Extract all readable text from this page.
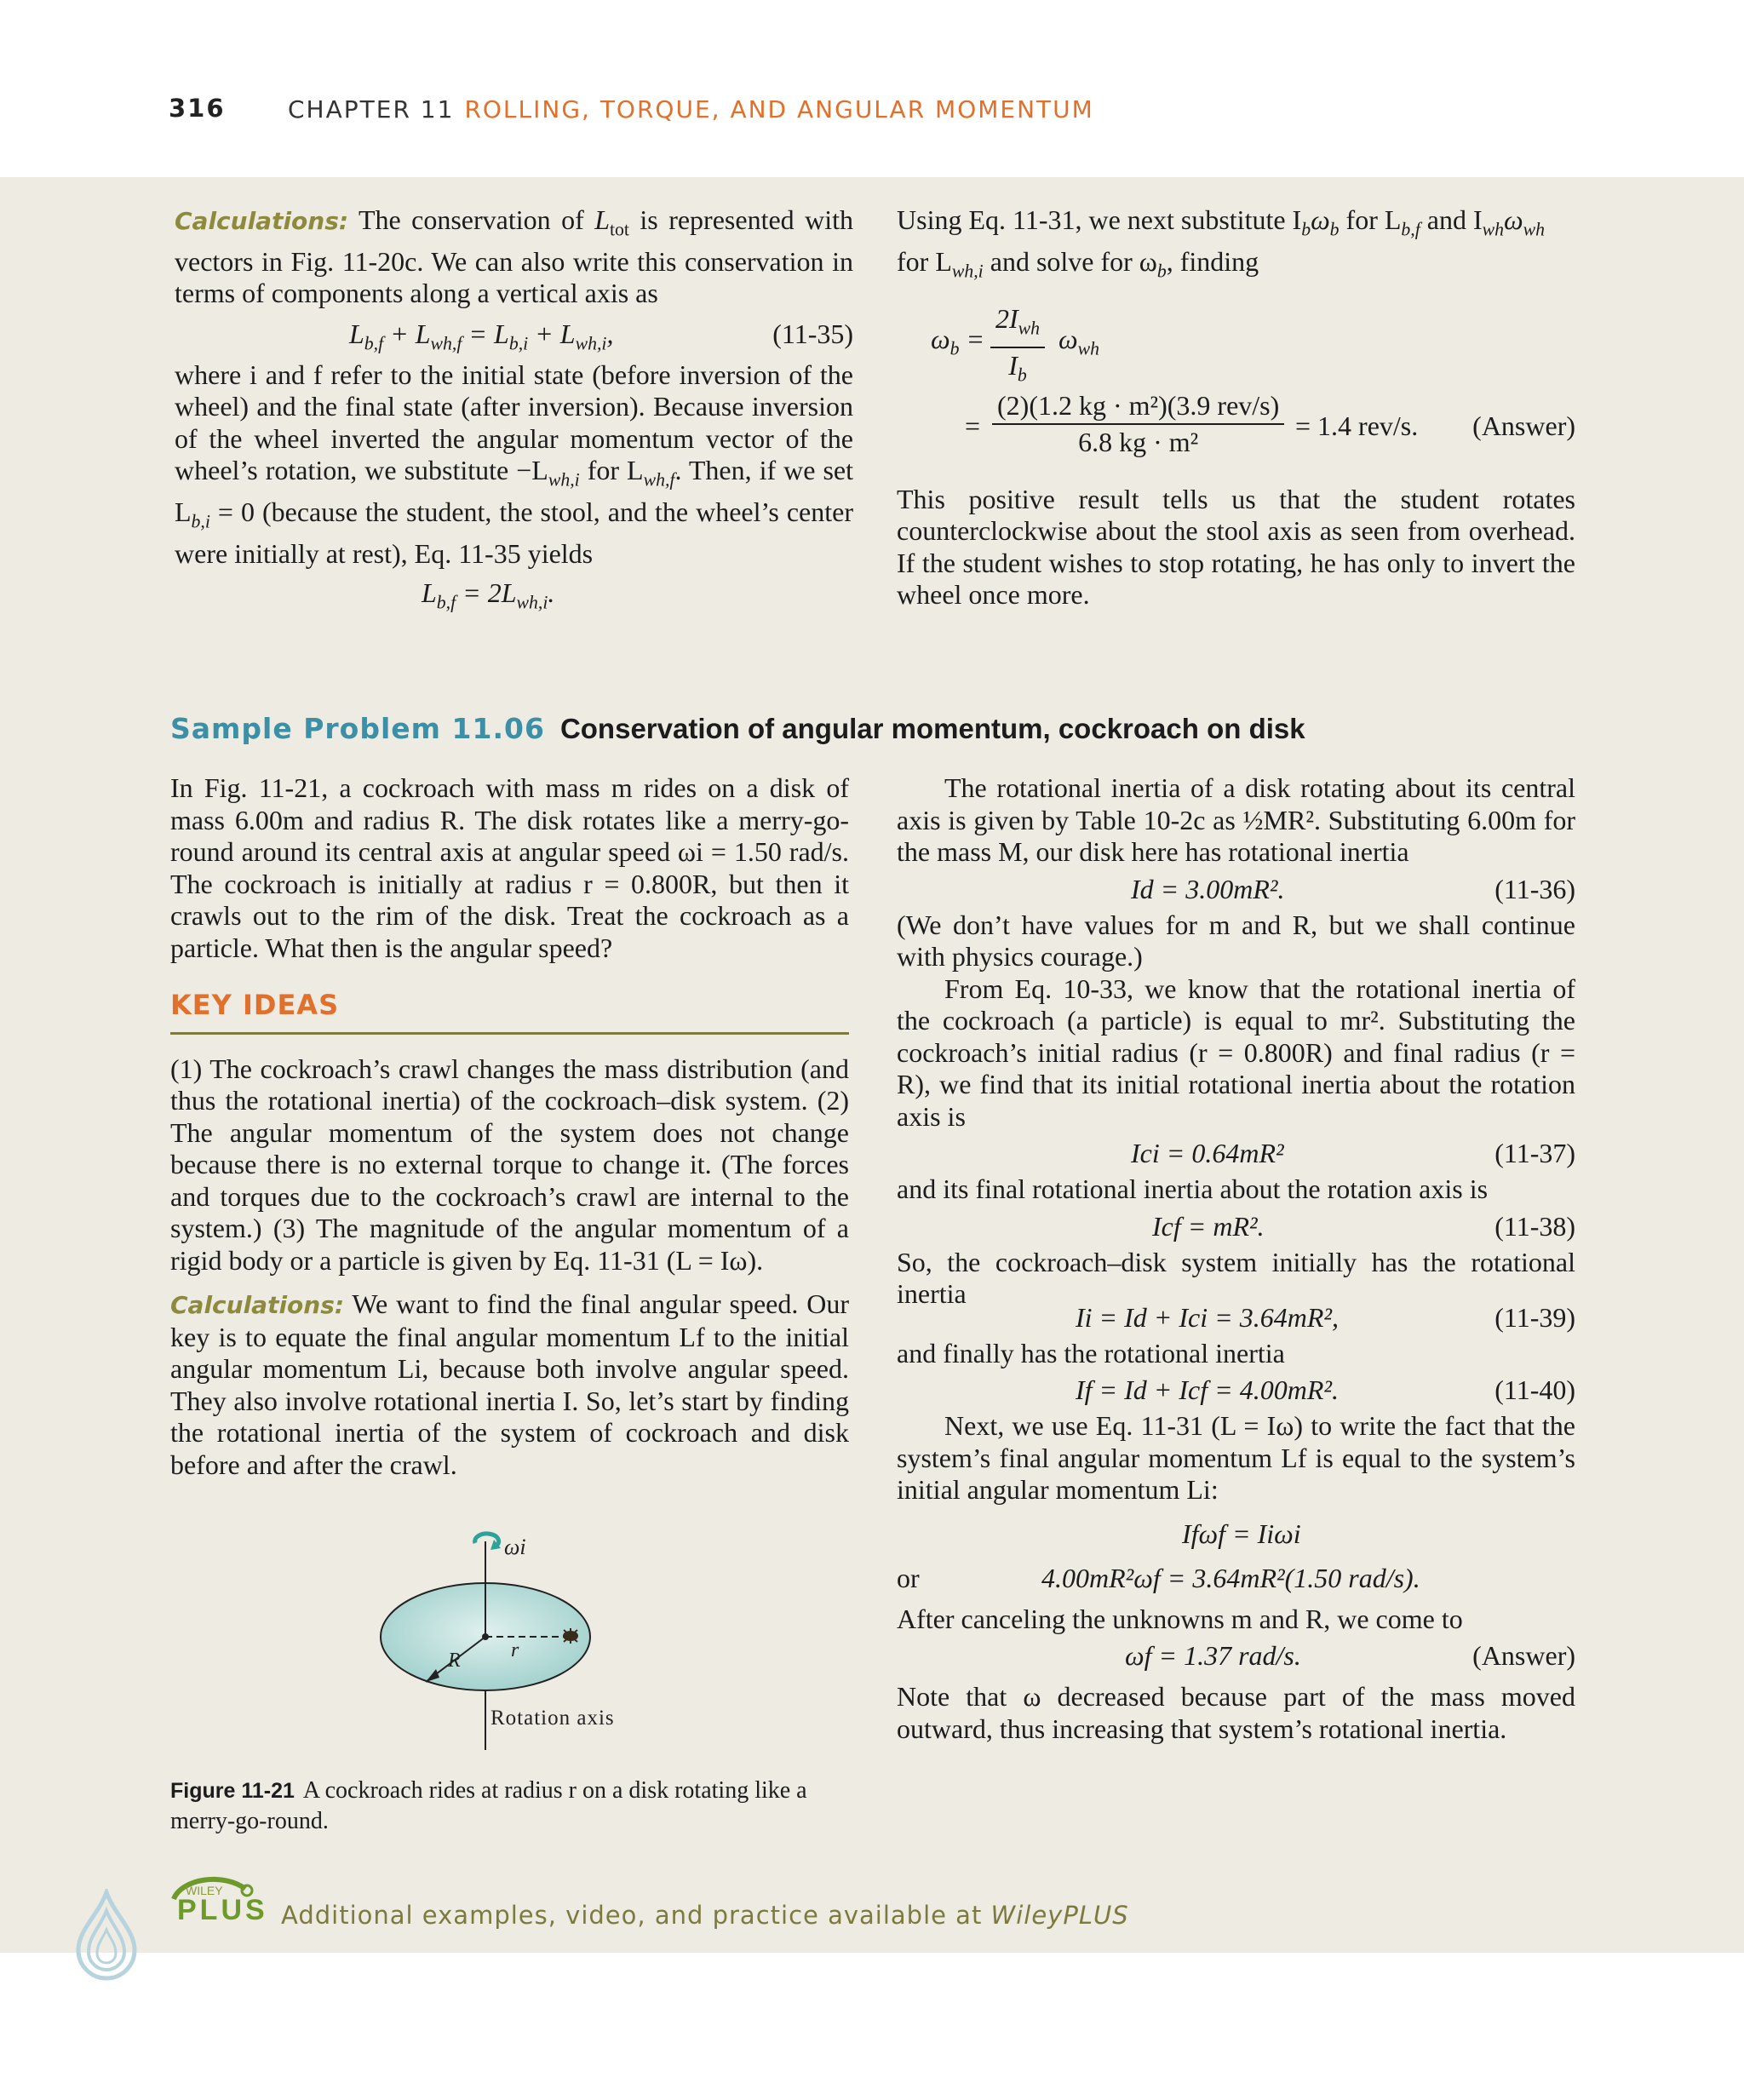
316	CHAPTER 11 ROLLING, TORQUE, AND ANGULAR MOMENTUM

Calculations: The conservation of $L_{tot}$ is represented with vectors in Fig. 11-20c. We can also write this conservation in terms of components along a vertical axis as

$L_{b,f} + L_{wh,f} = L_{b,i} + L_{wh,i}$,	(11-35)

where i and f refer to the initial state (before inversion of the wheel) and the final state (after inversion). Because inversion of the wheel inverted the angular momentum vector of the wheel’s rotation, we substitute $-L_{wh,i}$ for $L_{wh,f}$. Then, if we set $L_{b,i} = 0$ (because the student, the stool, and the wheel’s center were initially at rest), Eq. 11-35 yields

$L_{b,f} = 2L_{wh,i}$.

Using Eq. 11-31, we next substitute $I_b\omega_b$ for $L_{b,f}$ and $I_{wh}\omega_{wh}$ for $L_{wh,i}$ and solve for $\omega_b$, finding

$\omega_b$ =
$2I_{wh}$
$I_b$
$\omega_{wh}$
=
(2)(1.2 kg · m²)(3.9 rev/s)
6.8 kg · m²
= 1.4 rev/s. (Answer)

This positive result tells us that the student rotates counterclockwise about the stool axis as seen from overhead. If the student wishes to stop rotating, he has only to invert the wheel once more.

Sample Problem 11.06 Conservation of angular momentum, cockroach on disk

In Fig. 11-21, a cockroach with mass m rides on a disk of mass 6.00m and radius R. The disk rotates like a merry-go-round around its central axis at angular speed ωi = 1.50 rad/s. The cockroach is initially at radius r = 0.800R, but then it crawls out to the rim of the disk. Treat the cockroach as a particle. What then is the angular speed?

KEY IDEAS

(1) The cockroach’s crawl changes the mass distribution (and thus the rotational inertia) of the cockroach–disk system. (2) The angular momentum of the system does not change because there is no external torque to change it. (The forces and torques due to the cockroach’s crawl are internal to the system.) (3) The magnitude of the angular momentum of a rigid body or a particle is given by Eq. 11-31 (L = Iω).

Calculations: We want to find the final angular speed. Our key is to equate the final angular momentum Lf to the initial angular momentum Li, because both involve angular speed. They also involve rotational inertia I. So, let’s start by finding the rotational inertia of the system of cockroach and disk before and after the crawl.

ωi
r
R
Rotation axis
Figure 11-21 A cockroach rides at radius r on a disk rotating like a merry-go-round.

The rotational inertia of a disk rotating about its central axis is given by Table 10-2c as ½MR². Substituting 6.00m for the mass M, our disk here has rotational inertia

Id = 3.00mR².	(11-36)

(We don’t have values for m and R, but we shall continue with physics courage.)

From Eq. 10-33, we know that the rotational inertia of the cockroach (a particle) is equal to mr². Substituting the cockroach’s initial radius (r = 0.800R) and final radius (r = R), we find that its initial rotational inertia about the rotation axis is

Ici = 0.64mR²	(11-37)

and its final rotational inertia about the rotation axis is

Icf = mR².	(11-38)

So, the cockroach–disk system initially has the rotational inertia

Ii = Id + Ici = 3.64mR²,	(11-39)

and finally has the rotational inertia

If = Id + Icf = 4.00mR².	(11-40)

Next, we use Eq. 11-31 (L = Iω) to write the fact that the system’s final angular momentum Lf is equal to the system’s initial angular momentum Li:

Ifωf = Iiωi
or	4.00mR²ωf = 3.64mR²(1.50 rad/s).

After canceling the unknowns m and R, we come to

ωf = 1.37 rad/s.	(Answer)

Note that ω decreased because part of the mass moved outward, thus increasing that system’s rotational inertia.

WILEY
PLUS Additional examples, video, and practice available at WileyPLUS
